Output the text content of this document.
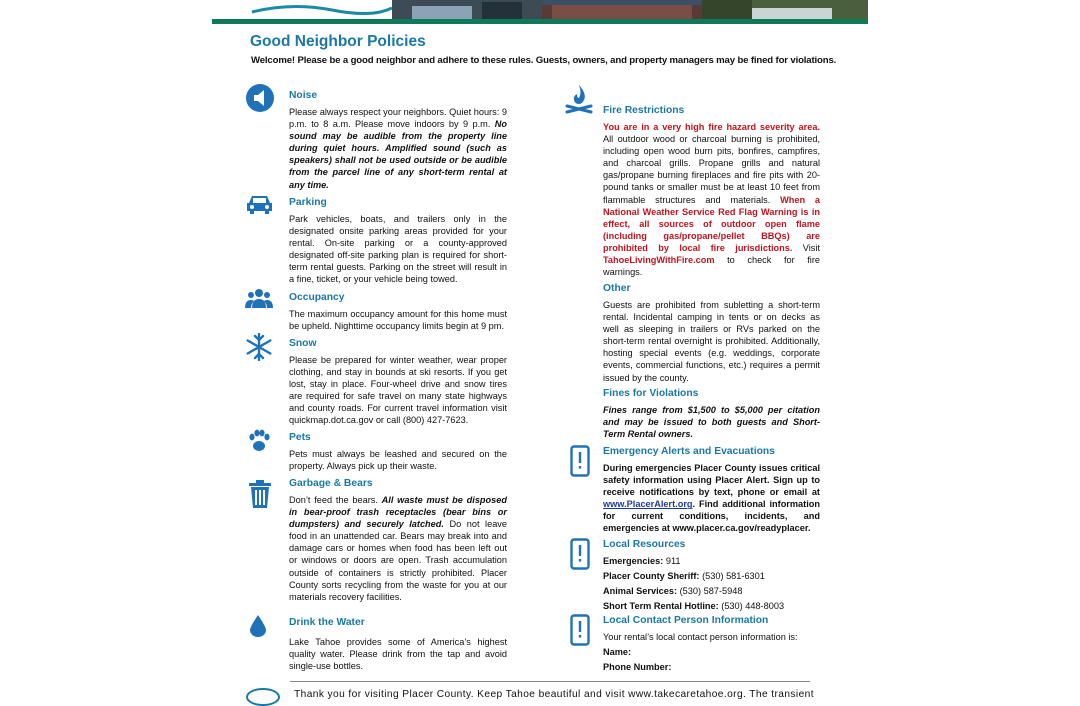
Good Neighbor Policies
Welcome! Please be a good neighbor and adhere to these rules. Guests, owners, and property managers may be fined for violations.
Noise

Please always respect your neighbors. Quiet hours: 9 p.m. to 8 a.m. Please move indoors by 9 p.m. No sound may be audible from the property line during quiet hours. Amplified sound (such as speakers) shall not be used outside or be audible from the parcel line of any short-term rental at any time.

Parking

Park vehicles, boats, and trailers only in the designated onsite parking areas provided for your rental. On-site parking or a county-approved designated off-site parking plan is required for short-term rental guests. Parking on the street will result in a fine, ticket, or your vehicle being towed.

Occupancy

The maximum occupancy amount for this home must be upheld. Nighttime occupancy limits begin at 9 pm.

Snow

Please be prepared for winter weather, wear proper clothing, and stay in bounds at ski resorts. If you get lost, stay in place. Four-wheel drive and snow tires are required for safe travel on many state highways and county roads. For current travel information visit quickmap.dot.ca.gov or call (800) 427-7623.

Pets

Pets must always be leashed and secured on the property. Always pick up their waste.

Garbage & Bears

Don’t feed the bears. All waste must be disposed in bear-proof trash receptacles (bear bins or dumpsters) and securely latched. Do not leave food in an unattended car. Bears may break into and damage cars or homes when food has been left out or windows or doors are open. Trash accumulation outside of containers is strictly prohibited. Placer County sorts recycling from the waste for you at our materials recovery facilities.

Drink the Water

Lake Tahoe provides some of America’s highest quality water. Please drink from the tap and avoid single-use bottles.

Fire Restrictions

You are in a very high fire hazard severity area. All outdoor wood or charcoal burning is prohibited, including open wood burn pits, bonfires, campfires, and charcoal grills. Propane grills and natural gas/propane burning fireplaces and fire pits with 20-pound tanks or smaller must be at least 10 feet from flammable structures and materials. When a National Weather Service Red Flag Warning is in effect, all sources of outdoor open flame (including gas/propane/pellet BBQs) are prohibited by local fire jurisdictions. Visit TahoeLivingWithFire.com to check for fire warnings.

Other

Guests are prohibited from subletting a short-term rental. Incidental camping in tents or on decks as well as sleeping in trailers or RVs parked on the short-term rental overnight is prohibited. Additionally, hosting special events (e.g. weddings, corporate events, commercial functions, etc.) requires a permit issued by the county.

Fines for Violations

Fines range from $1,500 to $5,000 per citation and may be issued to both guests and Short-Term Rental owners.

Emergency Alerts and Evacuations

During emergencies Placer County issues critical safety information using Placer Alert. Sign up to receive notifications by text, phone or email at www.PlacerAlert.org. Find additional information for current conditions, incidents, and emergencies at www.placer.ca.gov/readyplacer.

Local Resources
Emergencies: 911
Placer County Sheriff: (530) 581-6301
Animal Services: (530) 587-5948
Short Term Rental Hotline: (530) 448-8003
Local Contact Person Information
Your rental’s local contact person information is:
Name:
Phone Number:
Thank you for visiting Placer County. Keep Tahoe beautiful and visit www.takecaretahoe.org. The transient
